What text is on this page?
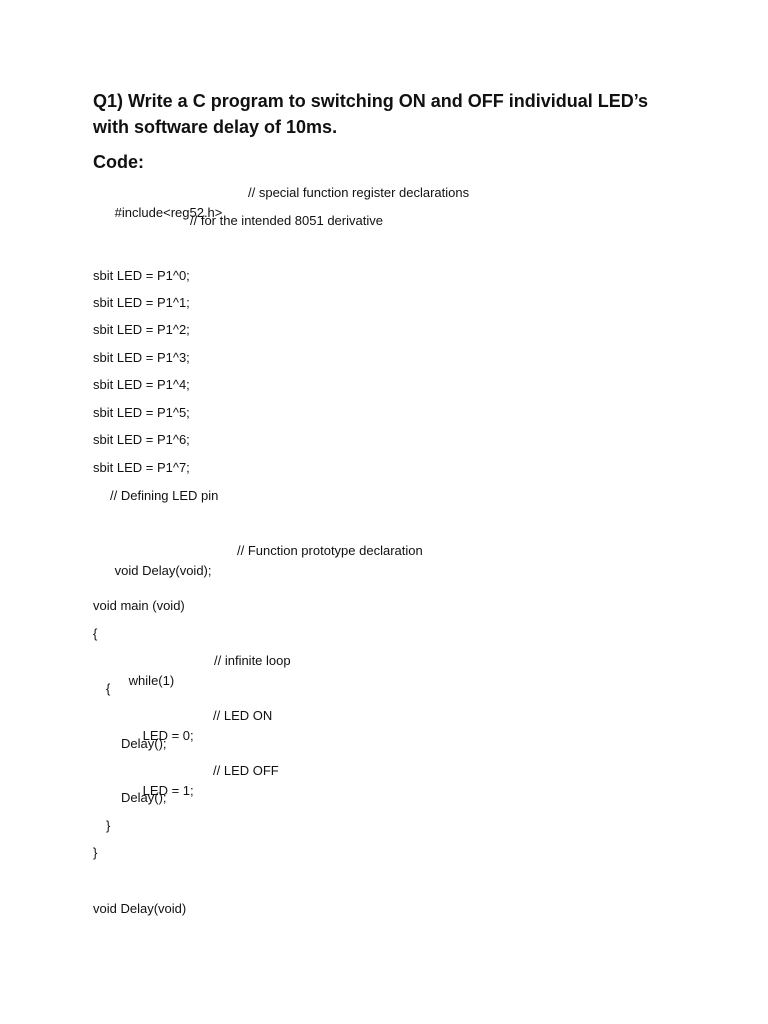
Q1) Write a C program to switching ON and OFF individual LED’s
with software delay of 10ms.
Code:

#include<reg52.h>

// special function register declarations

// for the intended 8051 derivative
sbit LED = P1^0;
sbit LED = P1^1;
sbit LED = P1^2;
sbit LED = P1^3;
sbit LED = P1^4;
sbit LED = P1^5;
sbit LED = P1^6;
sbit LED = P1^7;
// Defining LED pin

void Delay(void);

// Function prototype declaration

void main (void)
{

while(1)

// infinite loop

{

LED = 0;

// LED ON

Delay();

LED = 1;

// LED OFF

Delay();
}
}
void Delay(void)
